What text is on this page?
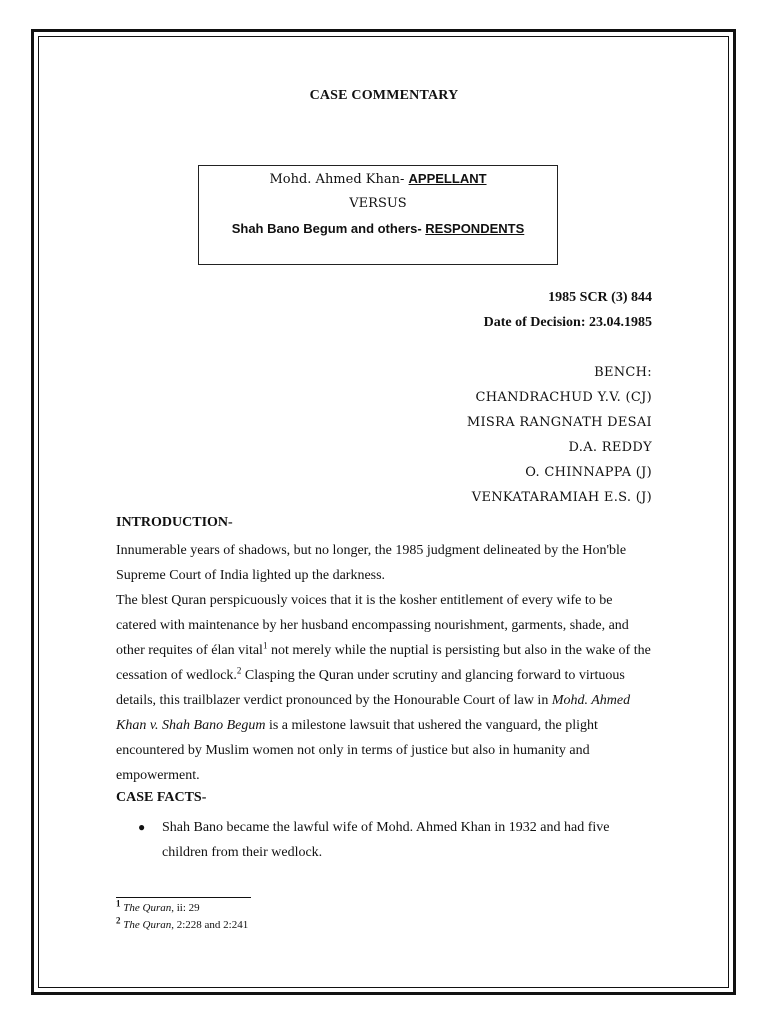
CASE COMMENTARY
Mohd. Ahmed Khan- APPELLANT
VERSUS
Shah Bano Begum and others- RESPONDENTS
1985 SCR (3) 844
Date of Decision: 23.04.1985
BENCH:
CHANDRACHUD Y.V. (CJ)
MISRA RANGNATH DESAI
D.A. REDDY
O. CHINNAPPA (J)
VENKATARAMIAH E.S. (J)
INTRODUCTION-

Innumerable years of shadows, but no longer, the 1985 judgment delineated by the Hon'ble Supreme Court of India lighted up the darkness.

The blest Quran perspicuously voices that it is the kosher entitlement of every wife to be catered with maintenance by her husband encompassing nourishment, garments, shade, and other requites of élan vital$^1$ not merely while the nuptial is persisting but also in the wake of the cessation of wedlock.$^2$ Clasping the Quran under scrutiny and glancing forward to virtuous details, this trailblazer verdict pronounced by the Honourable Court of law in Mohd. Ahmed Khan v. Shah Bano Begum is a milestone lawsuit that ushered the vanguard, the plight encountered by Muslim women not only in terms of justice but also in humanity and empowerment.

CASE FACTS-
● Shah Bano became the lawful wife of Mohd. Ahmed Khan in 1932 and had five children from their wedlock.
$^1$ The Quran, ii: 29
$^2$ The Quran, 2:228 and 2:241
